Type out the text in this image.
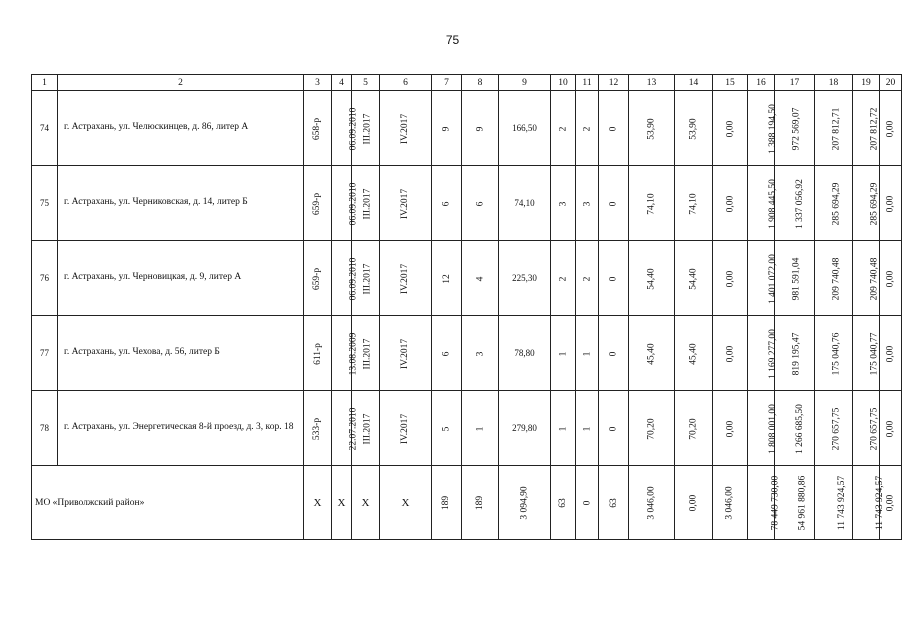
75
1	2	3	4	5	6	7	8	9	10	11	12	13	14	15	16	17	18	19	20
74	г. Астрахань, ул. Челюскинцев, д. 86, литер А	658-р	06.09.2010	III.2017	IV.2017	9	9	166,50	2	2	0	53,90	53,90	0,00	1 388 194,50	972 569,07	207 812,71	207 812,72	0,00
75	г. Астрахань, ул. Черниковская, д. 14, литер Б	659-р	06.09.2010	III.2017	IV.2017	6	6	74,10	3	3	0	74,10	74,10	0,00	1 908 445,50	1 337 056,92	285 694,29	285 694,29	0,00
76	г. Астрахань, ул. Черновицкая, д. 9, литер А	659-р	06.09.2010	III.2017	IV.2017	12	4	225,30	2	2	0	54,40	54,40	0,00	1 401 072,00	981 591,04	209 740,48	209 740,48	0,00
77	г. Астрахань, ул. Чехова, д. 56, литер Б	611-р	13.08.2009	III.2017	IV.2017	6	3	78,80	1	1	0	45,40	45,40	0,00	1 169 277,00	819 195,47	175 040,76	175 040,77	0,00
78	г. Астрахань, ул. Энергетическая 8-й проезд, д. 3, кор. 18	533-р	22.07.2010	III.2017	IV.2017	5	1	279,80	1	1	0	70,20	70,20	0,00	1 808 001,00	1 266 685,50	270 657,75	270 657,75	0,00
МО «Приволжский район»		X	X	X	X	189	189	3 094,90	63	0	63	3 046,00	0,00	3 046,00	78 449 730,00	54 961 880,86	11 743 924,57	11 743 924,57	0,00
